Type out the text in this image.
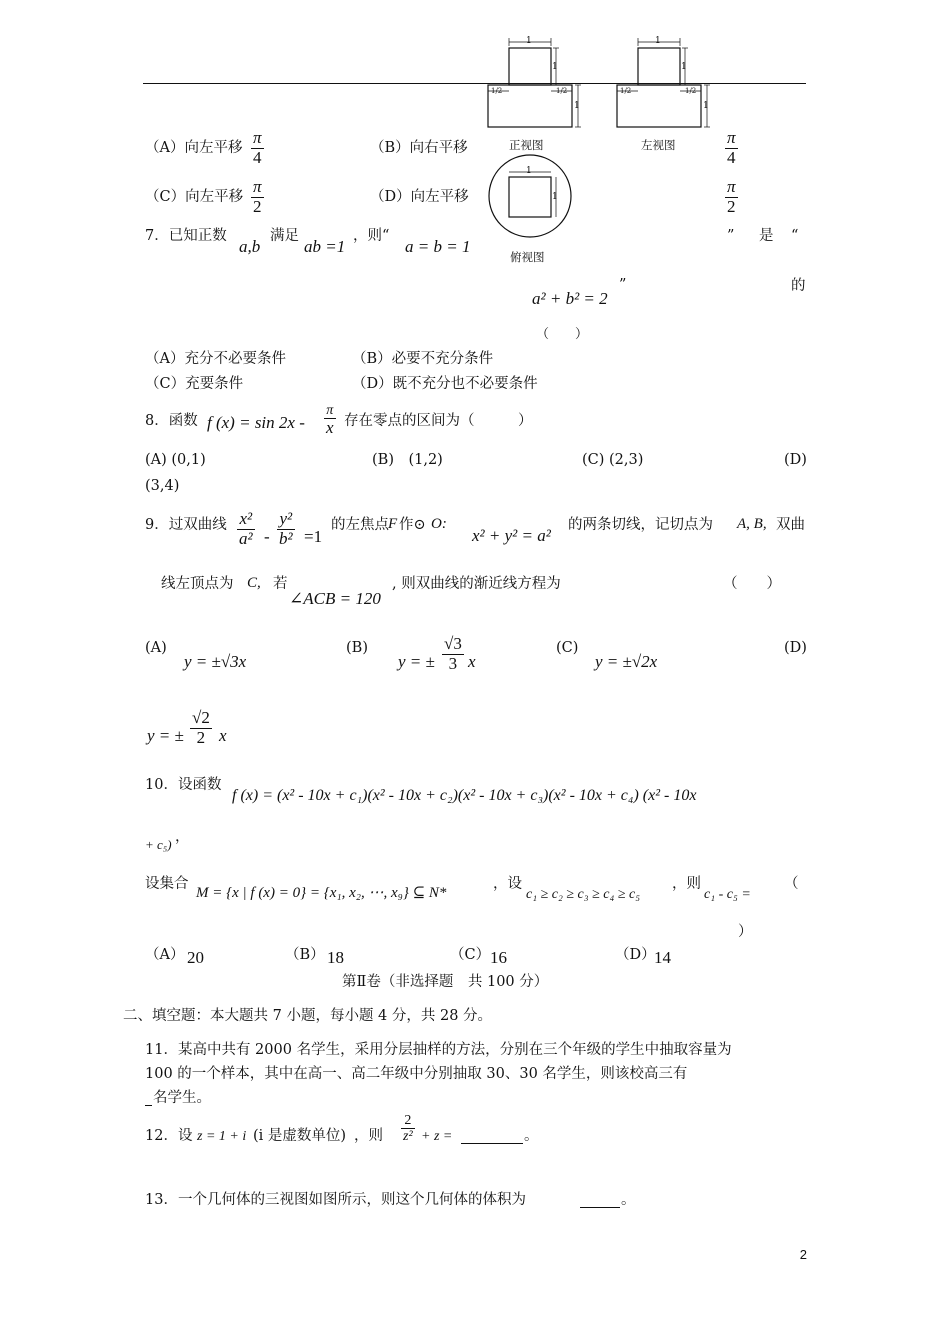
1
1
1
1/2	1/2
1
1
1
1/2	1/2
1
1
正视图	左视图
俯视图
（A）向左平移
π
4	（B）向右平移
π
4
（C）向左平移
π
2	（D）向左平移
π
2
7．已知正数
a,b
满足
ab =1
，则“
a = b = 1
” 是 “
a² + b² = 2
”	的
（　　）
（A）充分不必要条件	（B）必要不充分条件
（C）充要条件	（D）既不充分也不必要条件
8．函数 f (x) = sin 2x -
π
x 存在零点的区间为（　　　）
(A) (0,1)	(B)　(1,2)	(C) (2,3)	(D)
(3,4)
9．过双曲线 x²
a² -
y²
b² =1
的左焦点 F 作⊙ O:
x² + y² = a²
的两条切线，记切点为 A, B, 双曲
线左顶点为 C, 若
∠ACB = 120
, 则双曲线的渐近线方程为	（　　）
(A)
y = ±√3x
(B)
y = ±
√3
3 x
(C)
y = ±√2x
(D)
y = ±
√2
2 x
10．设函数
f (x) = (x² - 10x + c₁)(x² - 10x + c₂)(x² - 10x + c₃)(x² - 10x + c₄) (x² - 10x
+ c₅) ，
设集合
M = {x | f (x) = 0} = {x₁, x₂, ⋯, x₉} ⊆ N*
，设
c₁ ≥ c₂ ≥ c₃ ≥ c₄ ≥ c₅
，则
c₁ - c₅ =
（
）
（A） 20	（B） 18	（C） 16	（D）
14
第Ⅱ卷（非选择题　共 100 分）
二、填空题：本大题共 7 小题，每小题 4 分，共 28 分。
11．某高中共有 2000 名学生，采用分层抽样的方法，分别在三个年级的学生中抽取容量为
100 的一个样本，其中在高一、高二年级中分别抽取 30、30 名学生，则该校高三有
名学生。
12．设 z = 1 + i (i 是虚数单位) ，则
2
z² + z =	。
13．一个几何体的三视图如图所示，则这个几何体的体积为	。
2
